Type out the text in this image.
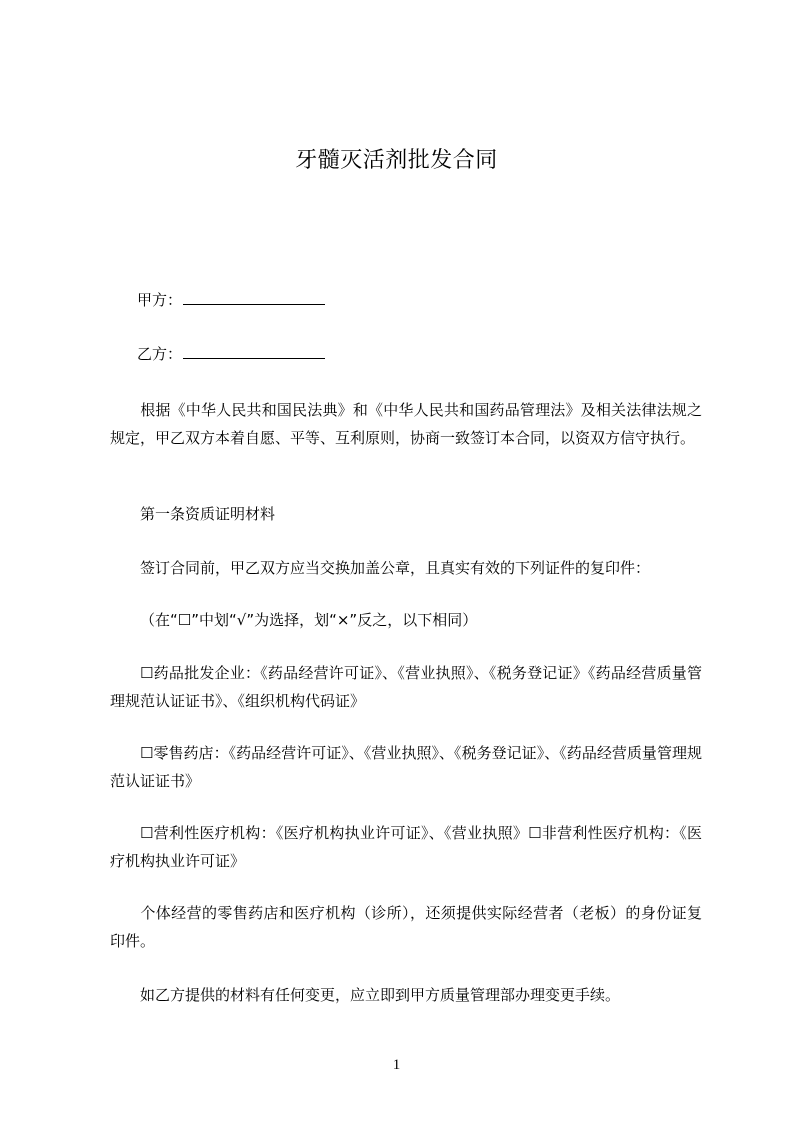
牙髓灭活剂批发合同
甲方：
乙方：
根据《中华人民共和国民法典》和《中华人民共和国药品管理法》及相关法律法规之规定，甲乙双方本着自愿、平等、互利原则，协商一致签订本合同，以资双方信守执行。
第一条资质证明材料
签订合同前，甲乙双方应当交换加盖公章，且真实有效的下列证件的复印件：
（在“☐”中划“√”为选择，划“×”反之，以下相同）
☐药品批发企业：《药品经营许可证》、《营业执照》、《税务登记证》《药品经营质量管理规范认证证书》、《组织机构代码证》
☐零售药店：《药品经营许可证》、《营业执照》、《税务登记证》、《药品经营质量管理规范认证证书》
☐营利性医疗机构：《医疗机构执业许可证》、《营业执照》☐非营利性医疗机构：《医疗机构执业许可证》
个体经营的零售药店和医疗机构（诊所），还须提供实际经营者（老板）的身份证复印件。
如乙方提供的材料有任何变更，应立即到甲方质量管理部办理变更手续。
1
